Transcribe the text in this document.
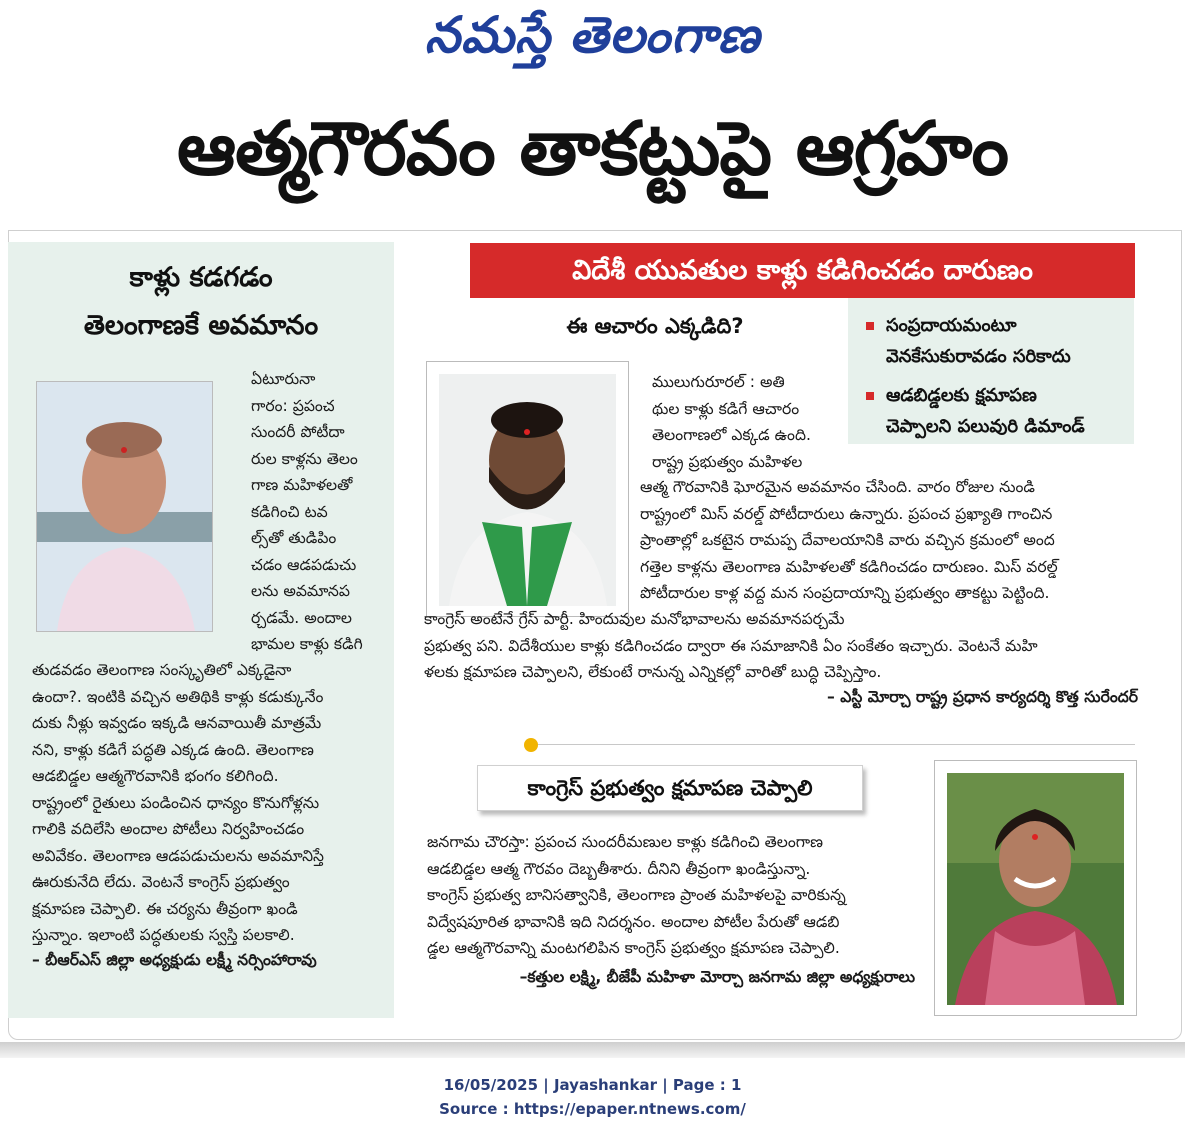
నమస్తే తెలంగాణ
ఆత్మగౌరవం తాకట్టుపై ఆగ్రహం
కాళ్లు కడగడం
తెలంగాణకే అవమానం
ఏటూరునా
గారం: ప్రపంచ
సుందరీ పోటీదా
రుల కాళ్లను తెలం
గాణ మహిళలతో
కడిగించి టవ
ల్స్‌తో తుడిపిం
చడం ఆడపడుచు
లను అవమానప
ర్చడమే. అందాల
భామల కాళ్లు కడిగి
తుడవడం తెలంగాణ సంస్కృతిలో ఎక్కడైనా
ఉందా?. ఇంటికి వచ్చిన అతిథికి కాళ్లు కడుక్కునేం
దుకు నీళ్లు ఇవ్వడం ఇక్కడి ఆనవాయితీ మాత్రమే
నని, కాళ్లు కడిగే పద్ధతి ఎక్కడ ఉంది. తెలంగాణ
ఆడబిడ్డల ఆత్మగౌరవానికి భంగం కలిగింది.
రాష్ట్రంలో రైతులు పండించిన ధాన్యం కొనుగోళ్లను
గాలికి వదిలేసి అందాల పోటీలు నిర్వహించడం
అవివేకం. తెలంగాణ ఆడపడుచులను అవమానిస్తే
ఊరుకునేది లేదు. వెంటనే కాంగ్రెస్ ప్రభుత్వం
క్షమాపణ చెప్పాలి. ఈ చర్యను తీవ్రంగా ఖండి
స్తున్నాం. ఇలాంటి పద్ధతులకు స్వస్తి పలకాలి.
– బీఆర్‌ఎస్ జిల్లా అధ్యక్షుడు లక్ష్మీ నర్సింహారావు
విదేశీ యువతుల కాళ్లు కడిగించడం దారుణం
సంప్రదాయమంటూ
వెనకేసుకురావడం సరికాదు
ఆడబిడ్డలకు క్షమాపణ
చెప్పాలని పలువురి డిమాండ్
ఈ ఆచారం ఎక్కడిది?
ములుగురూరల్ : అతి
థుల కాళ్లు కడిగే ఆచారం
తెలంగాణలో ఎక్కడ ఉంది.
రాష్ట్ర ప్రభుత్వం మహిళల
ఆత్మ గౌరవానికి ఘోరమైన అవమానం చేసింది. వారం రోజుల నుండి
రాష్ట్రంలో మిస్ వరల్డ్ పోటీదారులు ఉన్నారు. ప్రపంచ ప్రఖ్యాతి గాంచిన
ప్రాంతాల్లో ఒకటైన రామప్ప దేవాలయానికి వారు వచ్చిన క్రమంలో అంద
గత్తెల కాళ్లను తెలంగాణ మహిళలతో కడిగించడం దారుణం. మిస్ వరల్డ్
పోటీదారుల కాళ్ల వద్ద మన సంప్రదాయాన్ని ప్రభుత్వం తాకట్టు పెట్టింది.
కాంగ్రెస్ అంటేనే గ్రేస్ పార్టీ. హిందువుల మనోభావాలను అవమానపర్చమే
ప్రభుత్వ పని. విదేశీయుల కాళ్లు కడిగించడం ద్వారా ఈ సమాజానికి ఏం సంకేతం ఇచ్చారు. వెంటనే మహి
ళలకు క్షమాపణ చెప్పాలని, లేకుంటే రానున్న ఎన్నికల్లో వారితో బుద్ధి చెప్పిస్తాం.
– ఎస్టీ మోర్చా రాష్ట్ర ప్రధాన కార్యదర్శి కొత్త సురేందర్
కాంగ్రెస్ ప్రభుత్వం క్షమాపణ చెప్పాలి
జనగామ చౌరస్తా: ప్రపంచ సుందరీమణుల కాళ్లు కడిగించి తెలంగాణ
ఆడబిడ్డల ఆత్మ గౌరవం దెబ్బతీశారు. దీనిని తీవ్రంగా ఖండిస్తున్నా.
కాంగ్రెస్ ప్రభుత్వ బానిసత్వానికి, తెలంగాణ ప్రాంత మహిళలపై వారికున్న
విద్వేషపూరిత భావానికి ఇది నిదర్శనం. అందాల పోటీల పేరుతో ఆడబి
డ్డల ఆత్మగౌరవాన్ని మంటగలిపిన కాంగ్రెస్ ప్రభుత్వం క్షమాపణ చెప్పాలి.
–కత్తుల లక్ష్మి, బీజేపీ మహిళా మోర్చా జనగామ జిల్లా అధ్యక్షురాలు
16/05/2025 | Jayashankar | Page : 1
Source : https://epaper.ntnews.com/
